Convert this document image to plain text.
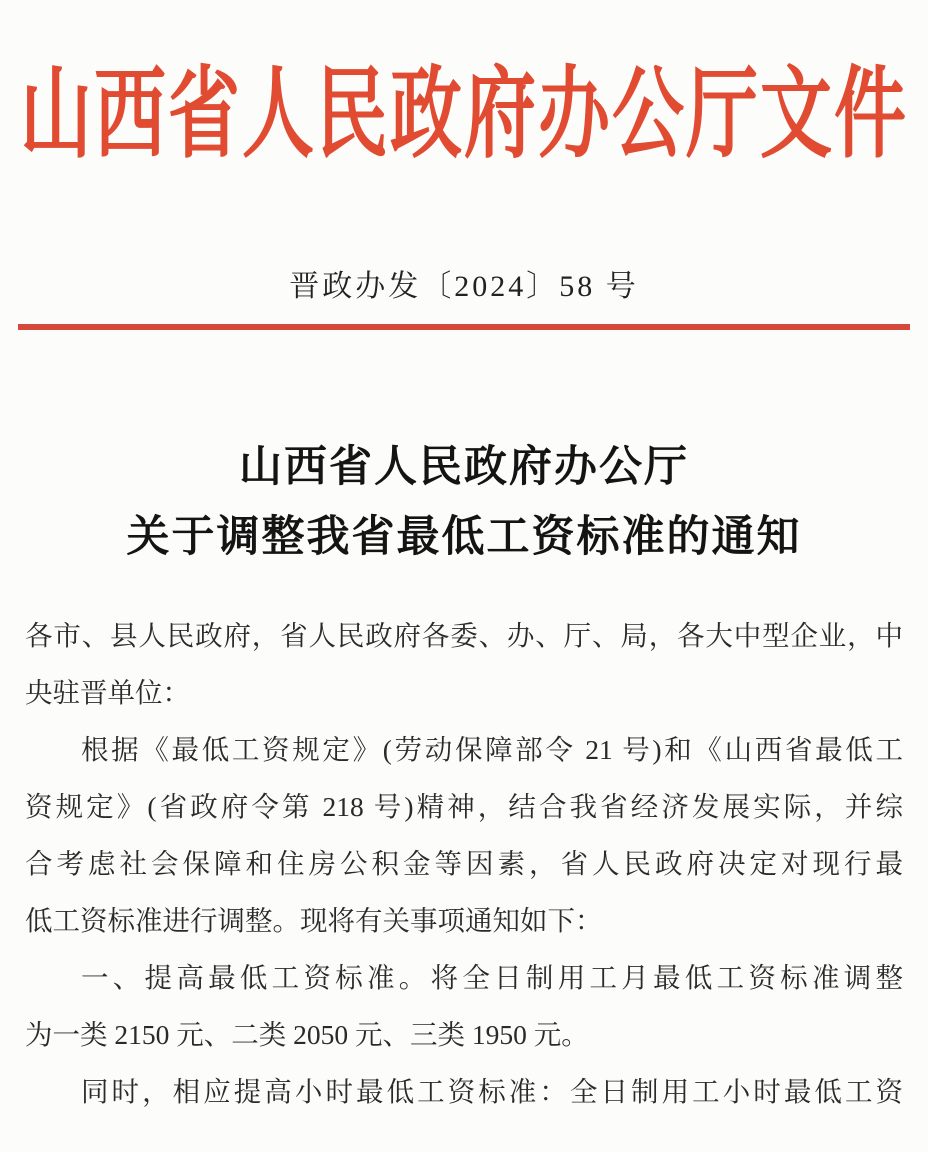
山西省人民政府办公厅文件
晋政办发〔2024〕58 号
山西省人民政府办公厅
关于调整我省最低工资标准的通知
各市、县人民政府，省人民政府各委、办、厅、局，各大中型企业，中
央驻晋单位：
根据《最低工资规定》(劳动保障部令 21 号)和《山西省最低工
资规定》(省政府令第 218 号)精神，结合我省经济发展实际，并综
合考虑社会保障和住房公积金等因素，省人民政府决定对现行最
低工资标准进行调整。现将有关事项通知如下：
一、提高最低工资标准。将全日制用工月最低工资标准调整
为一类 2150 元、二类 2050 元、三类 1950 元。
同时，相应提高小时最低工资标准：全日制用工小时最低工资
